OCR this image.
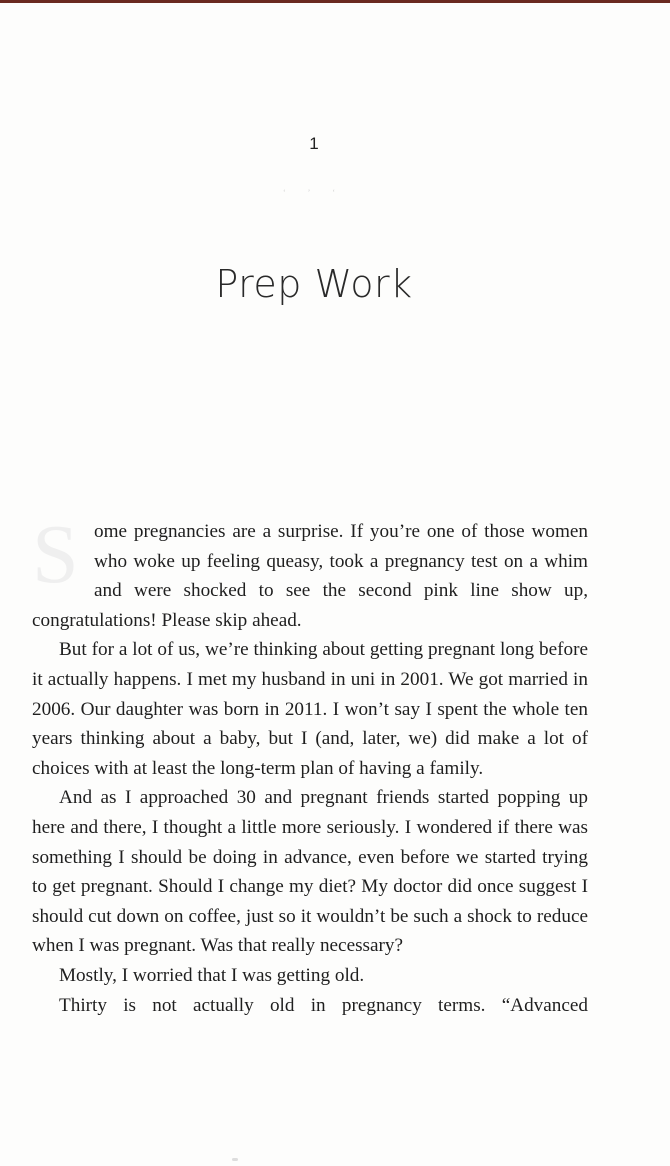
1
ʻ ʼ ʻ
Prep Work

Some pregnancies are a surprise. If you’re one of those women who woke up feeling queasy, took a pregnancy test on a whim and were shocked to see the second pink line show up, congratulations! Please skip ahead.

But for a lot of us, we’re thinking about getting pregnant long before it actually happens. I met my husband in uni in 2001. We got married in 2006. Our daughter was born in 2011. I won’t say I spent the whole ten years thinking about a baby, but I (and, later, we) did make a lot of choices with at least the long-term plan of having a family.

And as I approached 30 and pregnant friends started popping up here and there, I thought a little more seriously. I wondered if there was something I should be doing in advance, even before we started trying to get pregnant. Should I change my diet? My doctor did once suggest I should cut down on coffee, just so it wouldn’t be such a shock to reduce when I was pregnant. Was that really necessary?

Mostly, I worried that I was getting old.

Thirty is not actually old in pregnancy terms. “Advanced
